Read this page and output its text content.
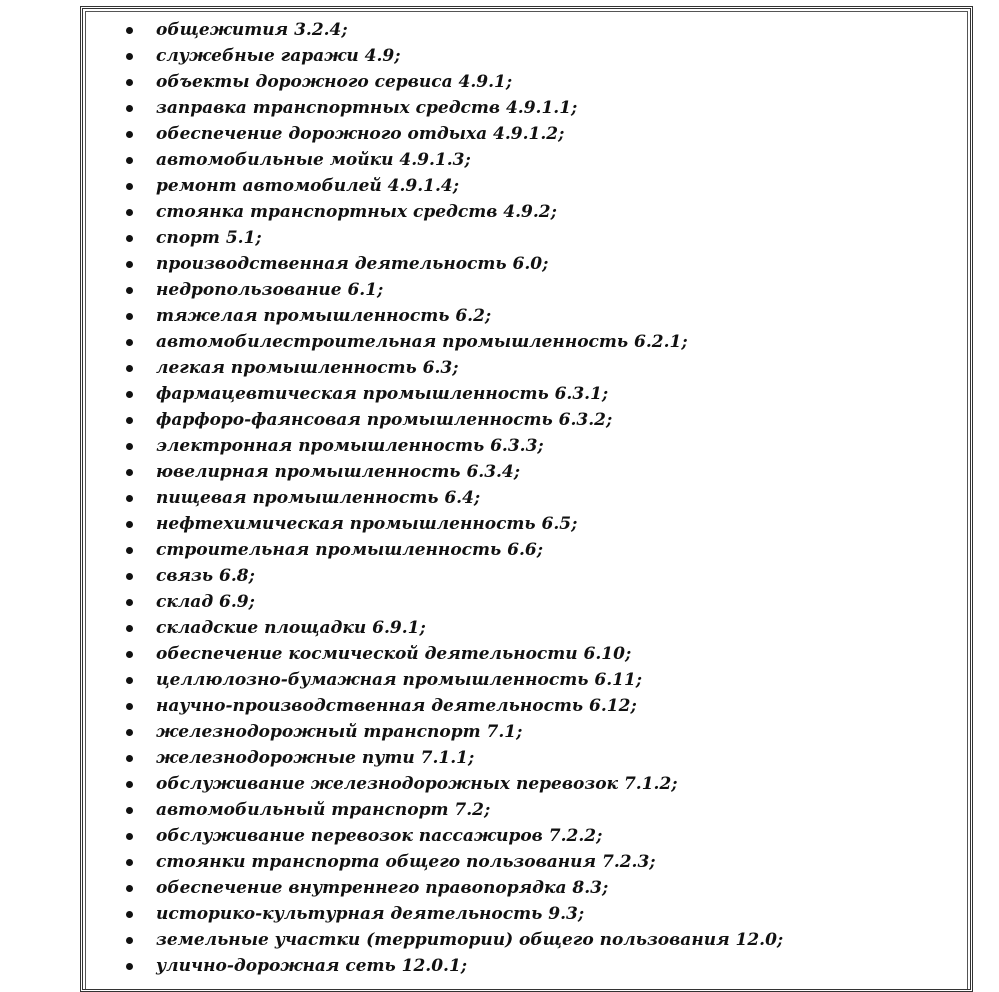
общежития 3.2.4;
служебные гаражи 4.9;
объекты дорожного сервиса 4.9.1;
заправка транспортных средств 4.9.1.1;
обеспечение дорожного отдыха 4.9.1.2;
автомобильные мойки 4.9.1.3;
ремонт автомобилей 4.9.1.4;
стоянка транспортных средств 4.9.2;
спорт 5.1;
производственная деятельность 6.0;
недропользование 6.1;
тяжелая промышленность 6.2;
автомобилестроительная промышленность 6.2.1;
легкая промышленность 6.3;
фармацевтическая промышленность 6.3.1;
фарфоро-фаянсовая промышленность 6.3.2;
электронная промышленность 6.3.3;
ювелирная промышленность 6.3.4;
пищевая промышленность 6.4;
нефтехимическая промышленность 6.5;
строительная промышленность 6.6;
связь 6.8;
склад 6.9;
складские площадки 6.9.1;
обеспечение космической деятельности 6.10;
целлюлозно-бумажная промышленность 6.11;
научно-производственная деятельность 6.12;
железнодорожный транспорт 7.1;
железнодорожные пути 7.1.1;
обслуживание железнодорожных перевозок 7.1.2;
автомобильный транспорт 7.2;
обслуживание перевозок пассажиров 7.2.2;
стоянки транспорта общего пользования 7.2.3;
обеспечение внутреннего правопорядка 8.3;
историко-культурная деятельность 9.3;
земельные участки (территории) общего пользования 12.0;
улично-дорожная сеть 12.0.1;
